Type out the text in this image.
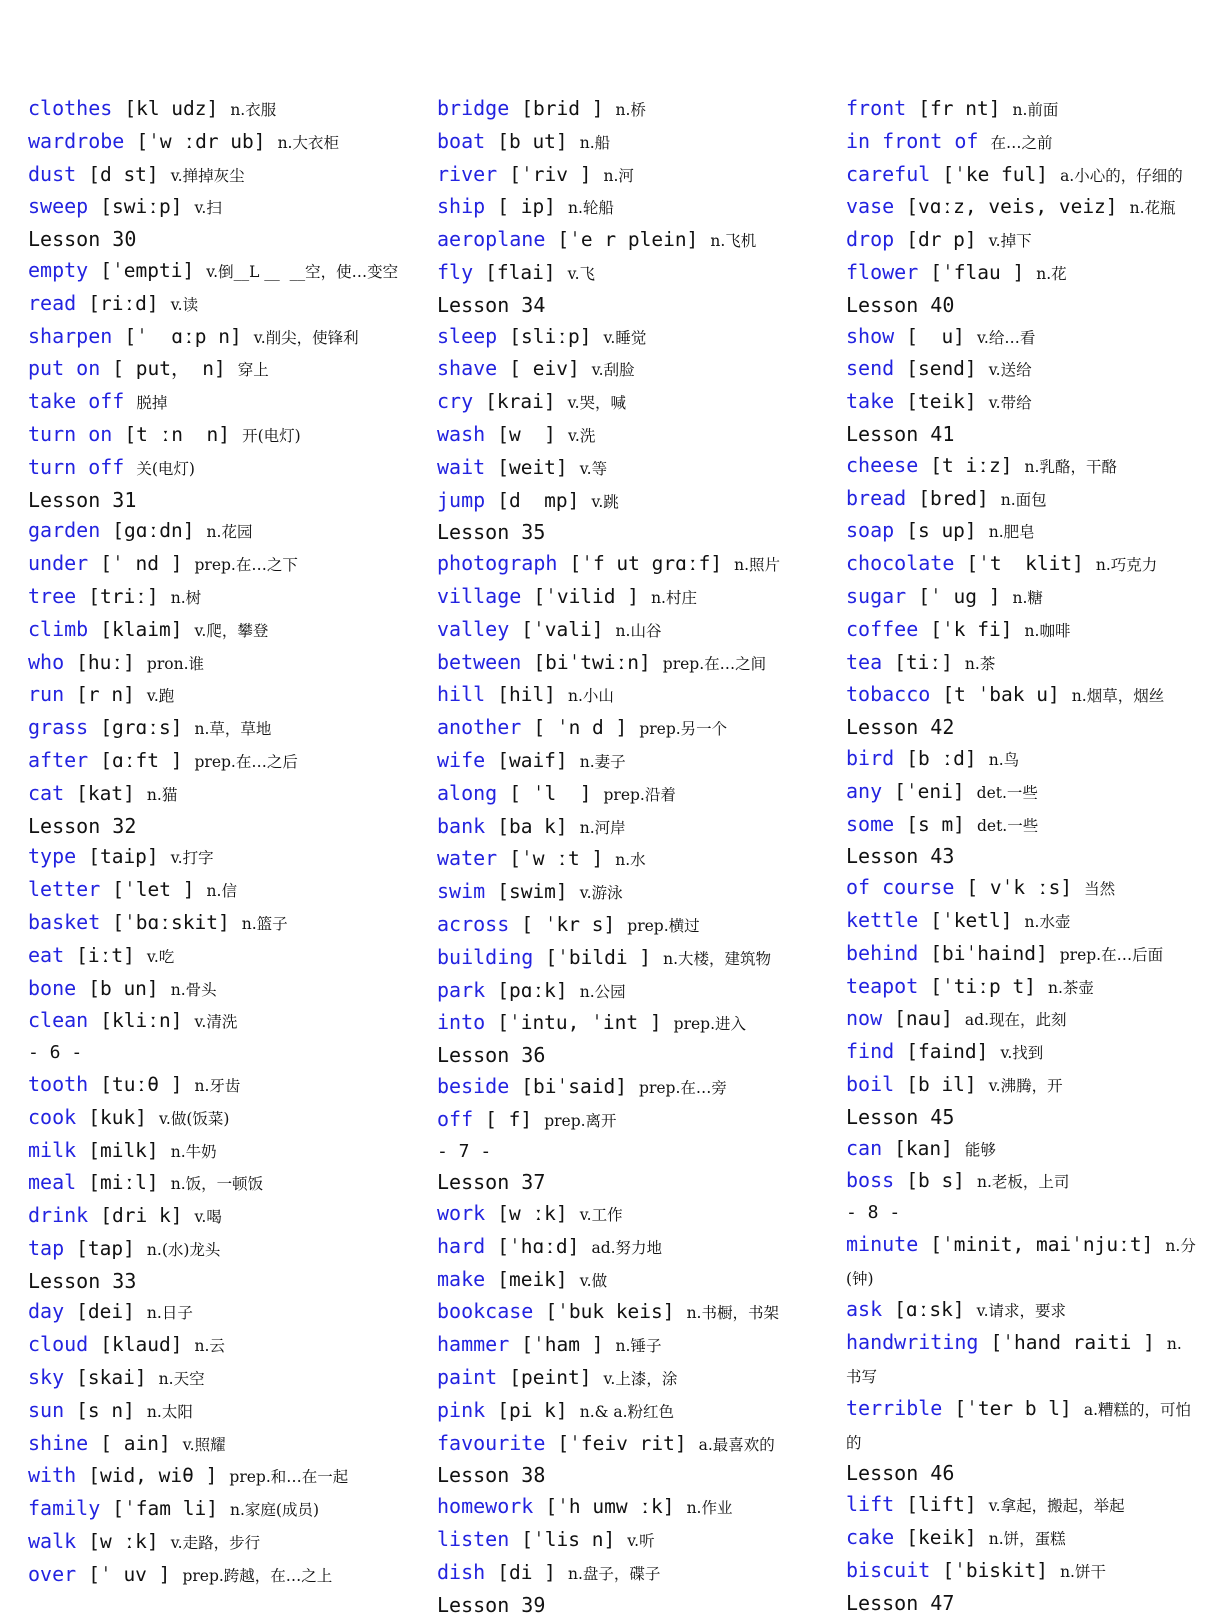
clothes [kl udz] n.衣服
wardrobe [ˈw ːdr ub] n.大衣柜
dust [d st] v.掸掉灰尘
sweep [swiːp] v.扫
Lesson 30
empty [ˈempti] v.倒__L __  __空，使…变空
read [riːd] v.读
sharpen [ˈ  ɑːp n] v.削尖，使锋利
put on [ put， n] 穿上
take off 脱掉
turn on [t ːn  n] 开(电灯)
turn off 关(电灯)
Lesson 31
garden [gɑːdn] n.花园
under [ˈ nd ] prep.在…之下
tree [triː] n.树
climb [klaim] v.爬，攀登
who [huː] pron.谁
run [r n] v.跑
grass [grɑːs] n.草，草地
after [ɑːft ] prep.在…之后
cat [kat] n.猫
Lesson 32
type [taip] v.打字
letter [ˈlet ] n.信
basket [ˈbɑːskit] n.篮子
eat [iːt] v.吃
bone [b un] n.骨头
clean [kliːn] v.清洗
- 6 -
tooth [tuːθ ] n.牙齿
cook [kuk] v.做(饭菜)
milk [milk] n.牛奶
meal [miːl] n.饭，一顿饭
drink [dri k] v.喝
tap [tap] n.(水)龙头
Lesson 33
day [dei] n.日子
cloud [klaud] n.云
sky [skai] n.天空
sun [s n] n.太阳
shine [ ain] v.照耀
with [wid, wiθ ] prep.和…在一起
family [ˈfam li] n.家庭(成员)
walk [w ːk] v.走路，步行
over [ˈ uv ] prep.跨越，在…之上
bridge [brid ] n.桥
boat [b ut] n.船
river [ˈriv ] n.河
ship [ ip] n.轮船
aeroplane [ˈe r plein] n.飞机
fly [flai] v.飞
Lesson 34
sleep [sliːp] v.睡觉
shave [ eiv] v.刮脸
cry [krai] v.哭，喊
wash [w  ] v.洗
wait [weit] v.等
jump [d  mp] v.跳
Lesson 35
photograph [ˈf ut grɑːf] n.照片
village [ˈvilid ] n.村庄
valley [ˈvali] n.山谷
between [biˈtwiːn] prep.在…之间
hill [hil] n.小山
another [ ˈn d ] prep.另一个
wife [waif] n.妻子
along [ ˈl  ] prep.沿着
bank [ba k] n.河岸
water [ˈw ːt ] n.水
swim [swim] v.游泳
across [ ˈkr s] prep.横过
building [ˈbildi ] n.大楼，建筑物
park [pɑːk] n.公园
into [ˈintu, ˈint ] prep.进入
Lesson 36
beside [biˈsaid] prep.在…旁
off [ f] prep.离开
- 7 -
Lesson 37
work [w ːk] v.工作
hard [ˈhɑːd] ad.努力地
make [meik] v.做
bookcase [ˈbuk keis] n.书橱，书架
hammer [ˈham ] n.锤子
paint [peint] v.上漆，涂
pink [pi k] n.& a.粉红色
favourite [ˈfeiv rit] a.最喜欢的
Lesson 38
homework [ˈh umw ːk] n.作业
listen [ˈlis n] v.听
dish [di ] n.盘子，碟子
Lesson 39
front [fr nt] n.前面
in front of 在…之前
careful [ˈke ful] a.小心的，仔细的
vase [vɑːz, veis, veiz] n.花瓶
drop [dr p] v.掉下
flower [ˈflau ] n.花
Lesson 40
show [  u] v.给…看
send [send] v.送给
take [teik] v.带给
Lesson 41
cheese [t iːz] n.乳酪，干酪
bread [bred] n.面包
soap [s up] n.肥皂
chocolate [ˈt  klit] n.巧克力
sugar [ˈ ug ] n.糖
coffee [ˈk fi] n.咖啡
tea [tiː] n.茶
tobacco [t ˈbak u] n.烟草，烟丝
Lesson 42
bird [b ːd] n.鸟
any [ˈeni] det.一些
some [s m] det.一些
Lesson 43
of course [ vˈk ːs] 当然
kettle [ˈketl] n.水壶
behind [biˈhaind] prep.在…后面
teapot [ˈtiːp t] n.茶壶
now [nau] ad.现在，此刻
find [faind] v.找到
boil [b il] v.沸腾，开
Lesson 45
can [kan] 能够
boss [b s] n.老板，上司
- 8 -
minute [ˈminit, maiˈnjuːt] n.分(钟)
ask [ɑːsk] v.请求，要求
handwriting [ˈhand raiti ] n.书写
terrible [ˈter b l] a.糟糕的，可怕的
Lesson 46
lift [lift] v.拿起，搬起，举起
cake [keik] n.饼，蛋糕
biscuit [ˈbiskit] n.饼干
Lesson 47
